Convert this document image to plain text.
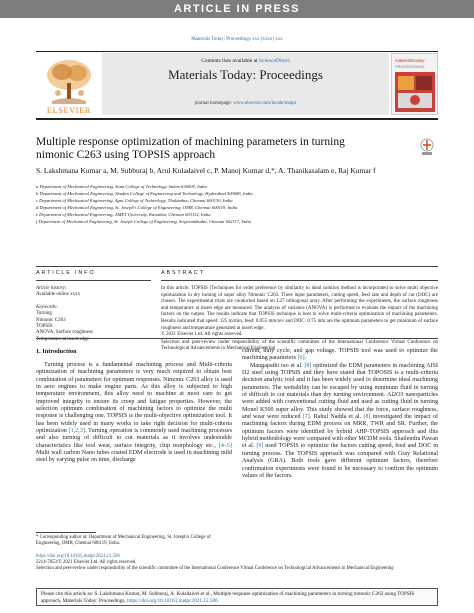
ARTICLE IN PRESS
Materials Today: Proceedings xxx (xxxx) xxx
ELSEVIER
Contents lists available at ScienceDirect
Materials Today: Proceedings
journal homepage: www.elsevier.com/locate/matpr
materialstoday:
PROCEEDINGS
Multiple response optimization of machining parameters in turning nimonic C263 using TOPSIS approach
S. Lakshmana Kumar a, M. Subburaj b, Arul Kuladaivel c, P. Manoj Kumar d,*, A. Thanikasalam e, Raj Kumar f
a Department of Mechanical Engineering, Sona College of Technology, Salem 636005, India
b Department of Mechanical Engineering, Shadan College of Engineering and Technology, Hyderabad 500086, India
c Department of Mechanical Engineering, Agni College of Technology, Thalambur, Chennai 600130, India
d Department of Mechanical Engineering, St. Joseph's College of Engineering, OMR, Chennai 600119, India
e Department of Mechanical Engineering, AMET University, Kanathur, Chennai 603112, India
f Department of Mechanical Engineering, St. Joseph College of Engineering, Sriperumbudur, Chennai 602117, India
ARTICLE INFO	ABSTRACT
Article history:
Available online xxxx
Keywords:
Turning
Nimonic C263
TOPSIS
ANOVA, Surface roughness
Temperature at insert edge

In this article, TOPSIS (Techniques for order preference by similarity to ideal solution method is incorporated to solve multi objective optimization in dry turning of super alloy Nimonic C263. Three input parameters, cutting speed, feed rate and depth of cut (DOC) are chosen. The experimental trials are conducted based on L27 orthogonal array. After performing the experiments, the surface roughness and temperature at insert edge are measured. The analysis of variance (ANOVA) is performed to evaluate the impact of the machining factors on the output. The results indicate that TOPSIS technique is best to solve multi-criteria optimization of machining parameters. Results indicated that speed: 125 m/min, feed: 0.055 mm/rev and DOC: 0.75 mm are the optimum parameters to get minimum of surface roughness and temperature generated at insert edge.

© 2021 Elsevier Ltd. All rights reserved.

Selection and peer-review under responsibility of the scientific committee of the International Conference Virtual Conference on Technological Advancements in Mechanical Engineering

1. Introduction

Turning process is a fundamental machining process and Multi-criteria optimization of machining parameters is very much required to obtain best combination of parameters for optimum responses. Nimonic C263 alloy is used in aero engines to make engine parts. As this alloy is subjected to high temperature environment, this alloy need to machine at most care to get improved integrity to ensure its creep and fatigue properties. However, the selection optimum combination of machining factors to optimize the multi response is challenging one. TOPSIS is the multi-objective optimization tool. It has been widely used in many works to take right decision for multi-criteria optimization [1,2,3]. Turning operation is commonly used machining processes and also turning of difficult to cut materials as it involves undesirable characteristics like tool wear, surface integrity, chip morphology etc., [4–5] Multi wall carbon Nano tubes coated EDM electrode is used in machining mild steel by varying pulse on time, discharge

current, duty cycle, and gap voltage. TOPSIS tool was used to optimize the machining parameters [6].

Mangapathi rao et al. [8] optimized the EDM parameters in machining AISI D2 steel using TOPSIS and they have stated that TOPOSIS is a multi-criteria decision analytic tool and it has been widely used to determine ideal machining parameters. The wettability can be escaped by using minimum fluid in turning of difficult to cut materials than dry turning environment. Al2O3 nanoparticles were added with conventional cutting fluid and used as cutting fluid in turning Monel K500 super alloy. This study showed that the force, surface roughness, and wear were reduced [7]. Rahul Nadda et al. [8] investigated the impact of machining factors during EDM process on MRR, TWR and SR. Further, the optimum factors were identified by hybrid AHP-TOPSIS approach and this hybrid methodology were compared with other MCDM tools. Shailendra Pawan et al. [9] used TOPSIS to optimize the factors cutting speed, feed and DOC in turning process. The TOPSIS approach was compared with Gray Relational Analysis (GRA). Both tools gave different optimum factors, therefore confirmation experiments were found to be necessary to confirm the optimum values of the factors.

* Corresponding author at: Department of Mechanical Engineering, St. Joseph's College of Engineering, OMR, Chennai 600119, India.
https://doi.org/10.1016/j.matpr.2021.12.506
2214-7853/© 2021 Elsevier Ltd. All rights reserved.
Selection and peer-review under responsibility of the scientific committee of the International Conference Virtual Conference on Technological Advancements in Mechanical Engineering
Please cite this article as: S. Lakshmana Kumar, M. Subburaj, A. Kuladaivel et al., Multiple response optimization of machining parameters in turning nimonic C263 using TOPSIS approach, Materials Today: Proceedings, https://doi.org/10.1016/j.matpr.2021.12.506
